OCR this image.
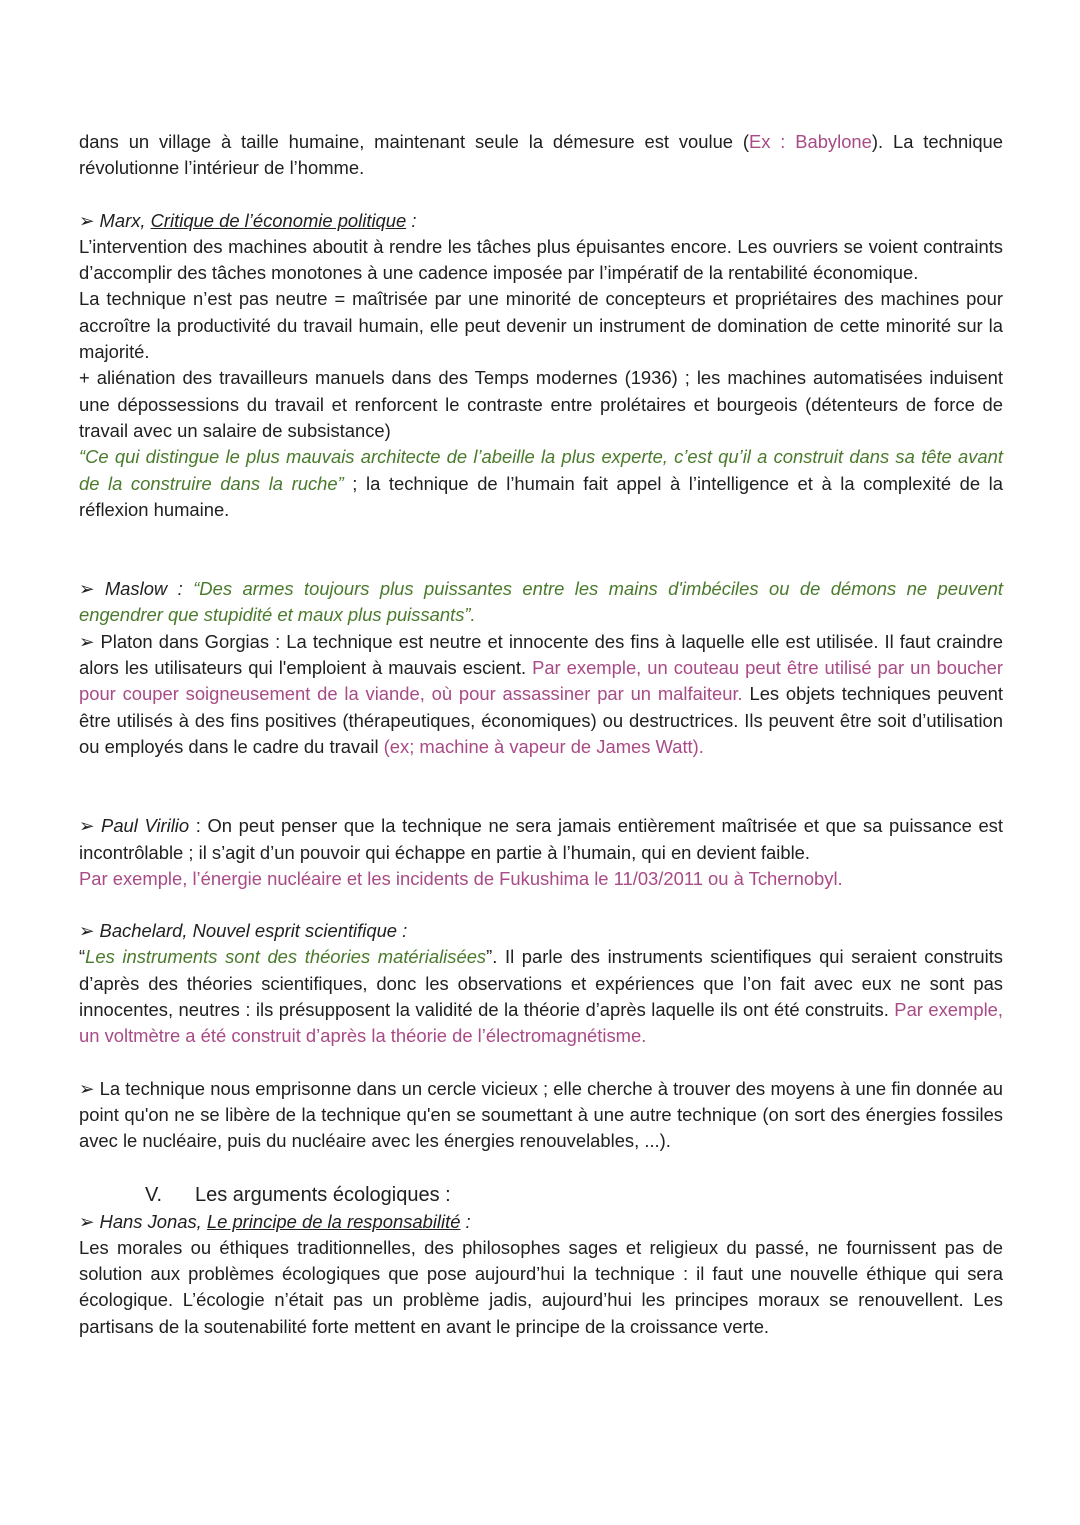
dans un village à taille humaine, maintenant seule la démesure est voulue (Ex : Babylone). La technique révolutionne l’intérieur de l’homme.

➢ Marx, Critique de l’économie politique :

L’intervention des machines aboutit à rendre les tâches plus épuisantes encore. Les ouvriers se voient contraints d’accomplir des tâches monotones à une cadence imposée par l’impératif de la rentabilité économique.

La technique n’est pas neutre = maîtrisée par une minorité de concepteurs et propriétaires des machines pour accroître la productivité du travail humain, elle peut devenir un instrument de domination de cette minorité sur la majorité.

+ aliénation des travailleurs manuels dans des Temps modernes (1936) ; les machines automatisées induisent une dépossessions du travail et renforcent le contraste entre prolétaires et bourgeois (détenteurs de force de travail avec un salaire de subsistance)

“Ce qui distingue le plus mauvais architecte de l’abeille la plus experte, c’est qu’il a construit dans sa tête avant de la construire dans la ruche” ; la technique de l’humain fait appel à l’intelligence et à la complexité de la réflexion humaine.

➢ Maslow : “Des armes toujours plus puissantes entre les mains d'imbéciles ou de démons ne peuvent engendrer que stupidité et maux plus puissants”.

➢ Platon dans Gorgias : La technique est neutre et innocente des fins à laquelle elle est utilisée. Il faut craindre alors les utilisateurs qui l'emploient à mauvais escient. Par exemple, un couteau peut être utilisé par un boucher pour couper soigneusement de la viande, où pour assassiner par un malfaiteur. Les objets techniques peuvent être utilisés à des fins positives (thérapeutiques, économiques) ou destructrices. Ils peuvent être soit d’utilisation ou employés dans le cadre du travail (ex; machine à vapeur de James Watt).

➢ Paul Virilio : On peut penser que la technique ne sera jamais entièrement maîtrisée et que sa puissance est incontrôlable ; il s’agit d’un pouvoir qui échappe en partie à l’humain, qui en devient faible.

Par exemple, l’énergie nucléaire et les incidents de Fukushima le 11/03/2011 ou à Tchernobyl.

➢ Bachelard, Nouvel esprit scientifique :

“Les instruments sont des théories matérialisées”. Il parle des instruments scientifiques qui seraient construits d’après des théories scientifiques, donc les observations et expériences que l’on fait avec eux ne sont pas innocentes, neutres : ils présupposent la validité de la théorie d’après laquelle ils ont été construits. Par exemple, un voltmètre a été construit d’après la théorie de l’électromagnétisme.

➢ La technique nous emprisonne dans un cercle vicieux ; elle cherche à trouver des moyens à une fin donnée au point qu'on ne se libère de la technique qu'en se soumettant à une autre technique (on sort des énergies fossiles avec le nucléaire, puis du nucléaire avec les énergies renouvelables, ...).

V. Les arguments écologiques :

➢ Hans Jonas, Le principe de la responsabilité :

Les morales ou éthiques traditionnelles, des philosophes sages et religieux du passé, ne fournissent pas de solution aux problèmes écologiques que pose aujourd’hui la technique : il faut une nouvelle éthique qui sera écologique. L’écologie n’était pas un problème jadis, aujourd’hui les principes moraux se renouvellent. Les partisans de la soutenabilité forte mettent en avant le principe de la croissance verte.
